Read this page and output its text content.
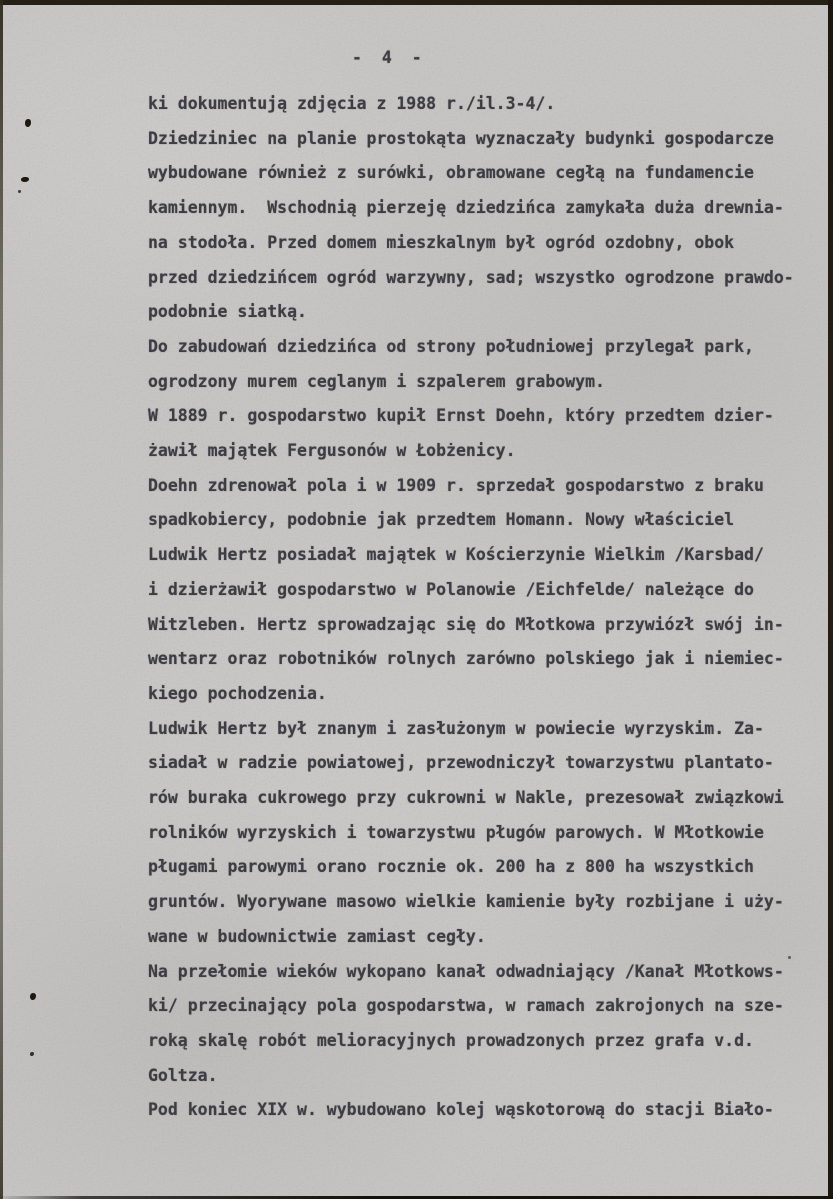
- 4 -
ki dokumentują zdjęcia z 1988 r./il.3-4/.
Dziedziniec na planie prostokąta wyznaczały budynki gospodarcze
wybudowane również z surówki, obramowane cegłą na fundamencie
kamiennym.  Wschodnią pierzeję dziedzińca zamykała duża drewnia-
na stodoła. Przed domem mieszkalnym był ogród ozdobny, obok
przed dziedzińcem ogród warzywny, sad; wszystko ogrodzone prawdo-
podobnie siatką.
Do zabudowań dziedzińca od strony południowej przylegał park,
ogrodzony murem ceglanym i szpalerem grabowym.
W 1889 r. gospodarstwo kupił Ernst Doehn, który przedtem dzier-
żawił majątek Fergusonów w Łobżenicy.
Doehn zdrenował pola i w 1909 r. sprzedał gospodarstwo z braku
spadkobiercy, podobnie jak przedtem Homann. Nowy właściciel
Ludwik Hertz posiadał majątek w Kościerzynie Wielkim /Karsbad/
i dzierżawił gospodarstwo w Polanowie /Eichfelde/ należące do
Witzleben. Hertz sprowadzając się do Młotkowa przywiózł swój in-
wentarz oraz robotników rolnych zarówno polskiego jak i niemiec-
kiego pochodzenia.
Ludwik Hertz był znanym i zasłużonym w powiecie wyrzyskim. Za-
siadał w radzie powiatowej, przewodniczył towarzystwu plantato-
rów buraka cukrowego przy cukrowni w Nakle, prezesował związkowi
rolników wyrzyskich i towarzystwu pługów parowych. W Młotkowie
pługami parowymi orano rocznie ok. 200 ha z 800 ha wszystkich
gruntów. Wyorywane masowo wielkie kamienie były rozbijane i uży-
wane w budownictwie zamiast cegły.
Na przełomie wieków wykopano kanał odwadniający /Kanał Młotkows-
ki/ przecinający pola gospodarstwa, w ramach zakrojonych na sze-
roką skalę robót melioracyjnych prowadzonych przez grafa v.d.
Goltza.
Pod koniec XIX w. wybudowano kolej wąskotorową do stacji Biało-
